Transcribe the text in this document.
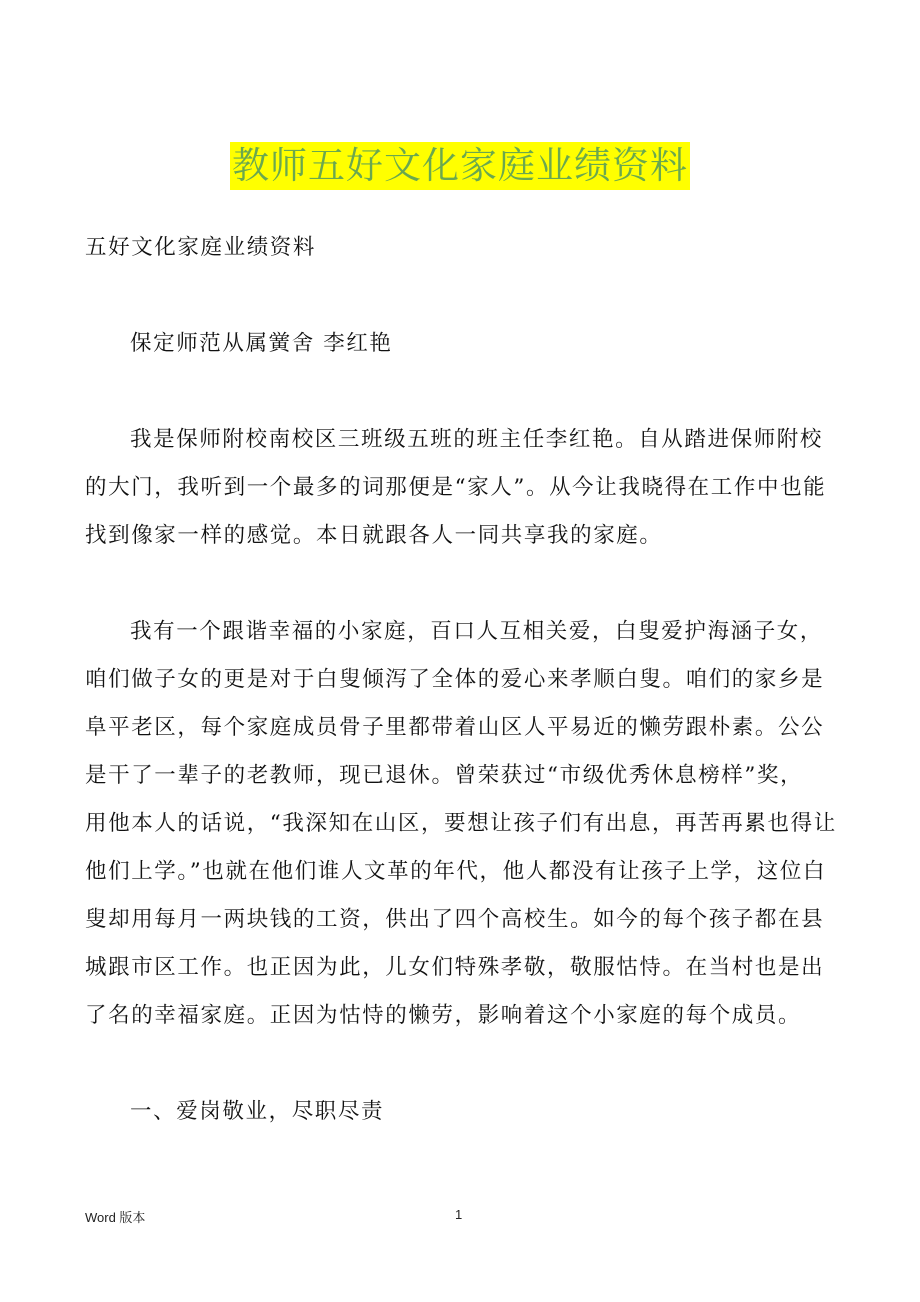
教师五好文化家庭业绩资料
五好文化家庭业绩资料
保定师范从属黉舍 李红艳
我是保师附校南校区三班级五班的班主任李红艳。自从踏进保师附校
的大门，我听到一个最多的词那便是“家人”。从今让我晓得在工作中也能
找到像家一样的感觉。本日就跟各人一同共享我的家庭。
我有一个跟谐幸福的小家庭，百口人互相关爱，白叟爱护海涵子女，
咱们做子女的更是对于白叟倾泻了全体的爱心来孝顺白叟。咱们的家乡是
阜平老区，每个家庭成员骨子里都带着山区人平易近的懒劳跟朴素。公公
是干了一辈子的老教师，现已退休。曾荣获过“市级优秀休息榜样”奖，
用他本人的话说，“我深知在山区，要想让孩子们有出息，再苦再累也得让
他们上学。”也就在他们谁人文革的年代，他人都没有让孩子上学，这位白
叟却用每月一两块钱的工资，供出了四个高校生。如今的每个孩子都在县
城跟市区工作。也正因为此，儿女们特殊孝敬，敬服怙恃。在当村也是出
了名的幸福家庭。正因为怙恃的懒劳，影响着这个小家庭的每个成员。
一、爱岗敬业，尽职尽责
Word 版本	1
